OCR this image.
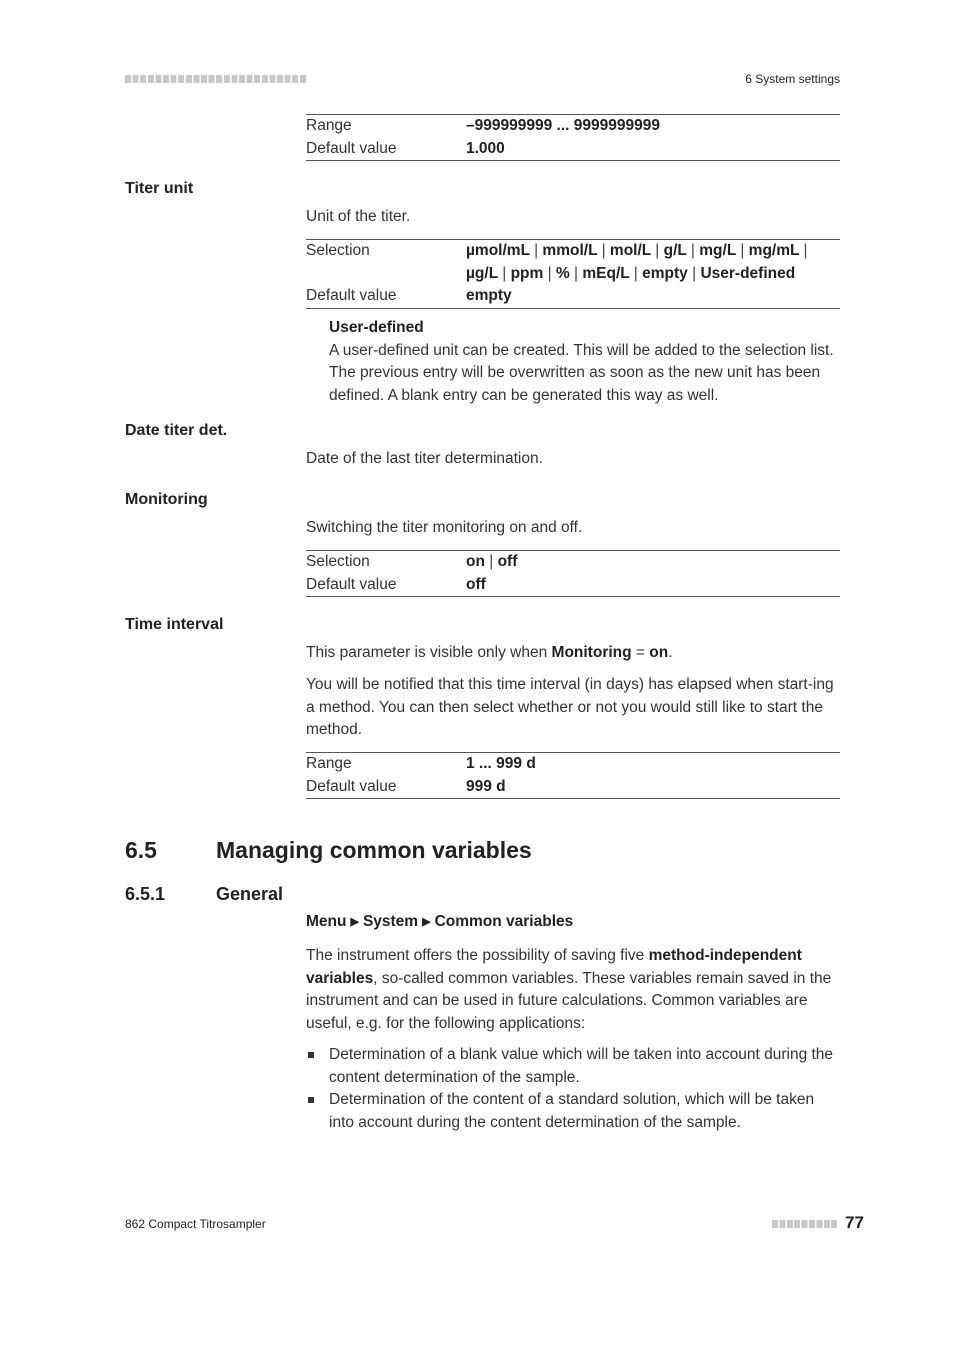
6 System settings
Range	–999999999 ... 9999999999
Default value	1.000
Titer unit
Unit of the titer.
Selection	µmol/mL | mmol/L | mol/L | g/L | mg/L | mg/mL |
µg/L | ppm | % | mEq/L | empty | User-defined
Default value	empty
User-defined
A user-defined unit can be created. This will be added to the selection list. The previous entry will be overwritten as soon as the new unit has been defined. A blank entry can be generated this way as well.
Date titer det.
Date of the last titer determination.
Monitoring
Switching the titer monitoring on and off.
Selection	on | off
Default value	off
Time interval
This parameter is visible only when Monitoring = on.
You will be notified that this time interval (in days) has elapsed when start-ing a method. You can then select whether or not you would still like to start the method.
Range	1 ... 999 d
Default value	999 d
6.5	Managing common variables
6.5.1	General
Menu ▶ System ▶ Common variables
The instrument offers the possibility of saving five method-independent variables, so-called common variables. These variables remain saved in the instrument and can be used in future calculations. Common variables are useful, e.g. for the following applications:
Determination of a blank value which will be taken into account during the content determination of the sample.
Determination of the content of a standard solution, which will be taken into account during the content determination of the sample.
862 Compact Titrosampler	77
